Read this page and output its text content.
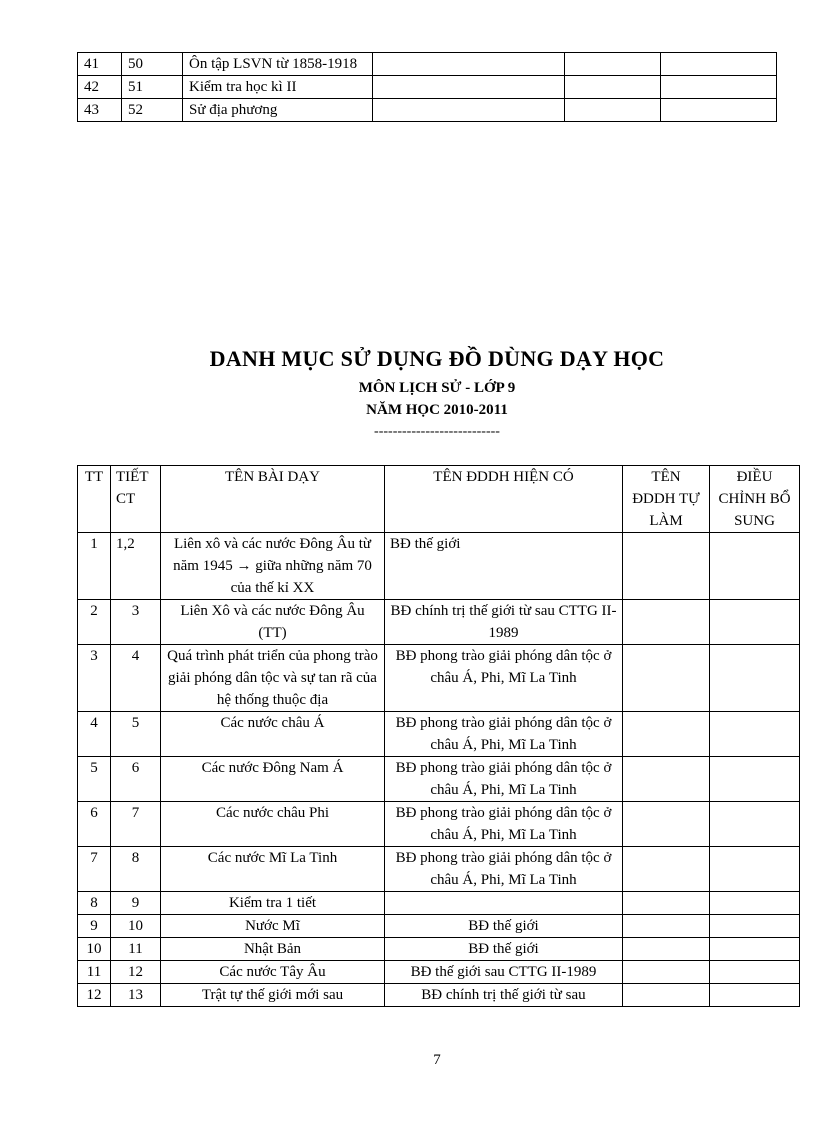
41	50	Ôn tập LSVN từ 1858-1918			
42	51	Kiểm tra học kì II			
43	52	Sử địa phương			
DANH MỤC SỬ DỤNG ĐỒ DÙNG DẠY HỌC
MÔN LỊCH SỬ - LỚP 9
NĂM HỌC 2010-2011
---------------------------
TT	TIẾT CT	TÊN BÀI DẠY	TÊN ĐDDH HIỆN CÓ	TÊN ĐDDH TỰ LÀM	ĐIỀU CHỈNH BỔ SUNG
1	1,2	Liên xô và các nước Đông Âu từ năm 1945 → giữa những năm 70 của thế kỉ XX	BĐ thế giới		
2	3	Liên Xô và các nước Đông Âu (TT)	BĐ chính trị thế giới từ sau CTTG II-1989		
3	4	Quá trình phát triển của phong trào giải phóng dân tộc và sự tan rã của hệ thống thuộc địa	BĐ phong trào giải phóng dân tộc ở châu Á, Phi, Mĩ La Tinh		
4	5	Các nước châu Á	BĐ phong trào giải phóng dân tộc ở châu Á, Phi, Mĩ La Tinh		
5	6	Các nước Đông Nam Á	BĐ phong trào giải phóng dân tộc ở châu Á, Phi, Mĩ La Tinh		
6	7	Các nước châu Phi	BĐ phong trào giải phóng dân tộc ở châu Á, Phi, Mĩ La Tinh		
7	8	Các nước Mĩ La Tinh	BĐ phong trào giải phóng dân tộc ở châu Á, Phi, Mĩ La Tinh		
8	9	Kiểm tra 1 tiết			
9	10	Nước Mĩ	BĐ thế giới		
10	11	Nhật Bản	BĐ thế giới		
11	12	Các nước Tây Âu	BĐ thế giới sau CTTG II-1989		
12	13	Trật tự thế giới mới sau	BĐ chính trị thế giới từ sau		
7
